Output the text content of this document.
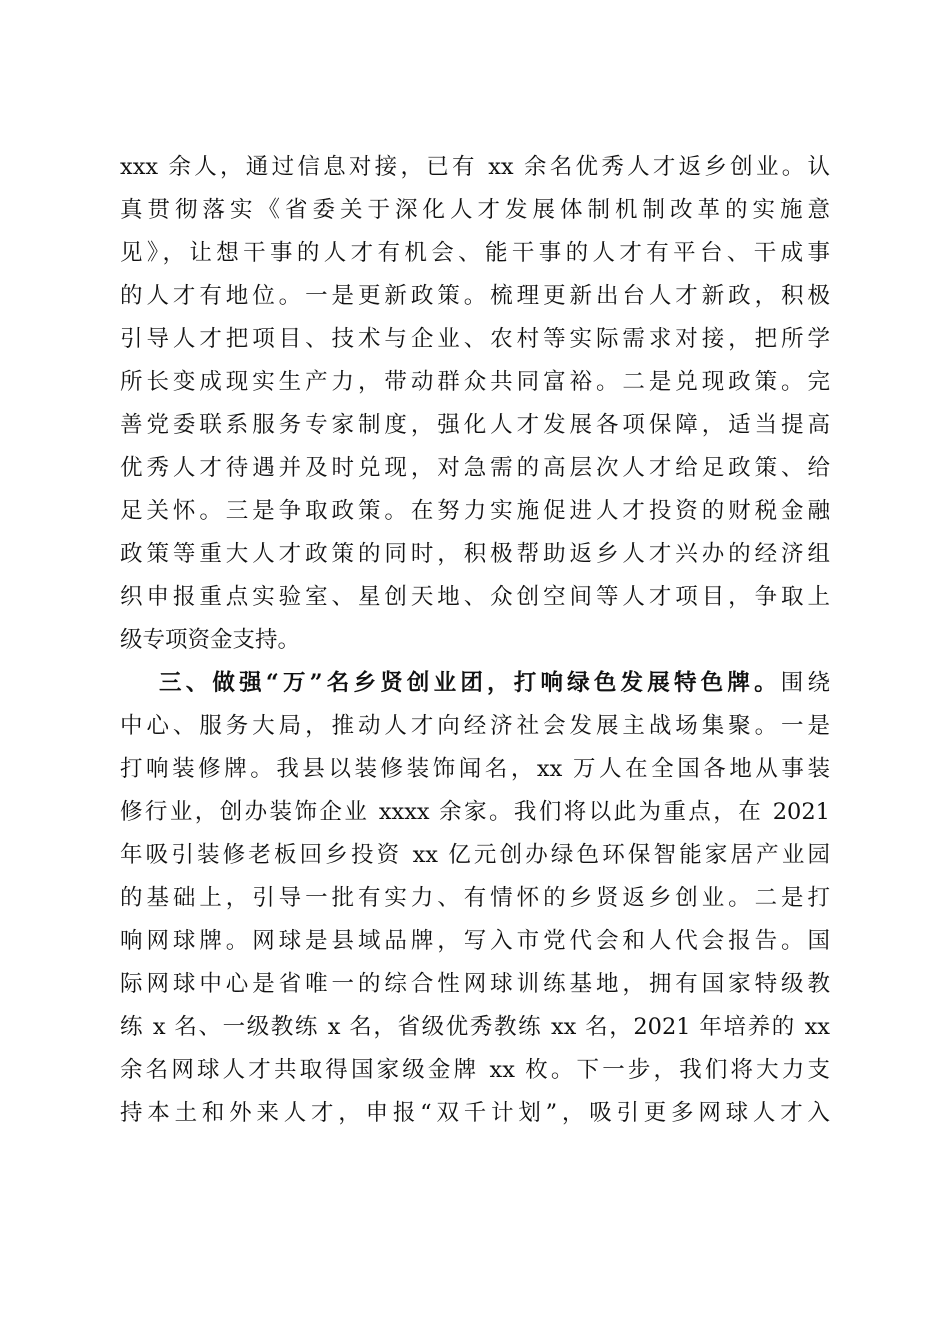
xxx 余人，通过信息对接，已有 xx 余名优秀人才返乡创业。认
真贯彻落实《省委关于深化人才发展体制机制改革的实施意
见》，让想干事的人才有机会、能干事的人才有平台、干成事
的人才有地位。一是更新政策。梳理更新出台人才新政，积极
引导人才把项目、技术与企业、农村等实际需求对接，把所学
所长变成现实生产力，带动群众共同富裕。二是兑现政策。完
善党委联系服务专家制度，强化人才发展各项保障，适当提高
优秀人才待遇并及时兑现，对急需的高层次人才给足政策、给
足关怀。三是争取政策。在努力实施促进人才投资的财税金融
政策等重大人才政策的同时，积极帮助返乡人才兴办的经济组
织申报重点实验室、星创天地、众创空间等人才项目，争取上
级专项资金支持。
三、做强“万”名乡贤创业团，打响绿色发展特色牌。围绕
中心、服务大局，推动人才向经济社会发展主战场集聚。一是
打响装修牌。我县以装修装饰闻名，xx 万人在全国各地从事装
修行业，创办装饰企业 xxxx 余家。我们将以此为重点，在 2021
年吸引装修老板回乡投资 xx 亿元创办绿色环保智能家居产业园
的基础上，引导一批有实力、有情怀的乡贤返乡创业。二是打
响网球牌。网球是县域品牌，写入市党代会和人代会报告。国
际网球中心是省唯一的综合性网球训练基地，拥有国家特级教
练 x 名、一级教练 x 名，省级优秀教练 xx 名，2021 年培养的 xx
余名网球人才共取得国家级金牌 xx 枚。下一步，我们将大力支
持本土和外来人才，申报“双千计划”，吸引更多网球人才入
